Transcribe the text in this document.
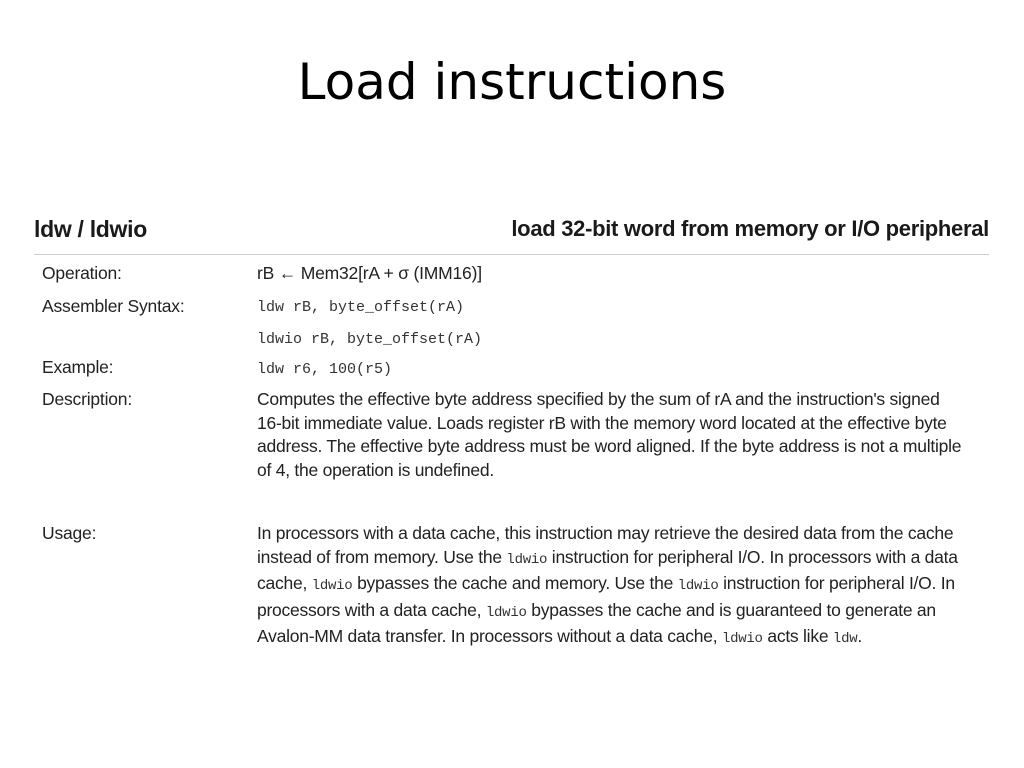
Load instructions
ldw / ldwio	load 32-bit word from memory or I/O peripheral
Operation:	rB ← Mem32[rA + σ (IMM16)]
Assembler Syntax:	ldw rB, byte_offset(rA)
ldwio rB, byte_offset(rA)
Example:	ldw r6, 100(r5)
Description:	Computes the effective byte address specified by the sum of rA and the instruction's signed
16-bit immediate value. Loads register rB with the memory word located at the effective byte
address. The effective byte address must be word aligned. If the byte address is not a multiple
of 4, the operation is undefined.
Usage:	In processors with a data cache, this instruction may retrieve the desired data from the cache
instead of from memory. Use the ldwio instruction for peripheral I/O. In processors with a data
cache, ldwio bypasses the cache and memory. Use the ldwio instruction for peripheral I/O. In
processors with a data cache, ldwio bypasses the cache and is guaranteed to generate an
Avalon-MM data transfer. In processors without a data cache, ldwio acts like ldw.
